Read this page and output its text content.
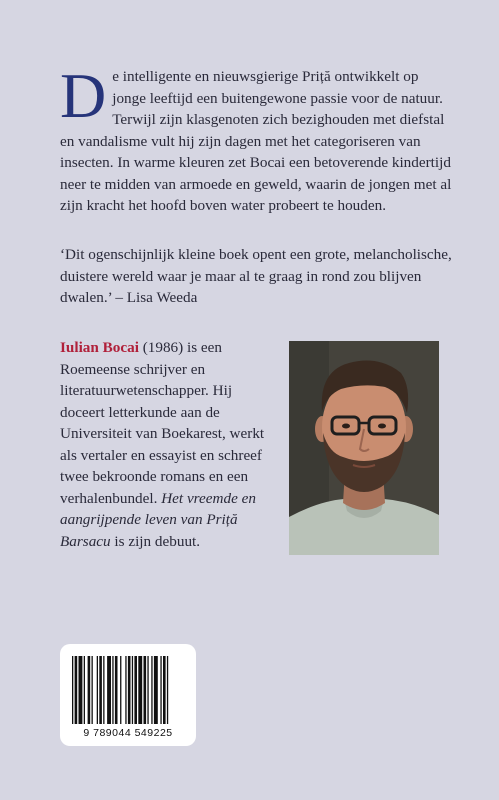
De intelligente en nieuwsgierige Priță ontwikkelt op jonge leeftijd een buitengewone passie voor de natuur. Terwijl zijn klasgenoten zich bezighouden met diefstal en vandalisme vult hij zijn dagen met het categoriseren van insecten. In warme kleuren zet Bocai een betoverende kindertijd neer te midden van armoede en geweld, waarin de jongen met al zijn kracht het hoofd boven water probeert te houden.

‘Dit ogenschijnlijk kleine boek opent een grote, melancholische, duistere wereld waar je maar al te graag in rond zou blijven dwalen.’ – Lisa Weeda

Iulian Bocai (1986) is een Roemeense schrijver en literatuurwetenschapper. Hij doceert letterkunde aan de Universiteit van Boekarest, werkt als vertaler en essayist en schreef twee bekroonde romans en een verhalenbundel. Het vreemde en aangrijpende leven van Priță Barsacu is zijn debuut.

9 789044 549225
